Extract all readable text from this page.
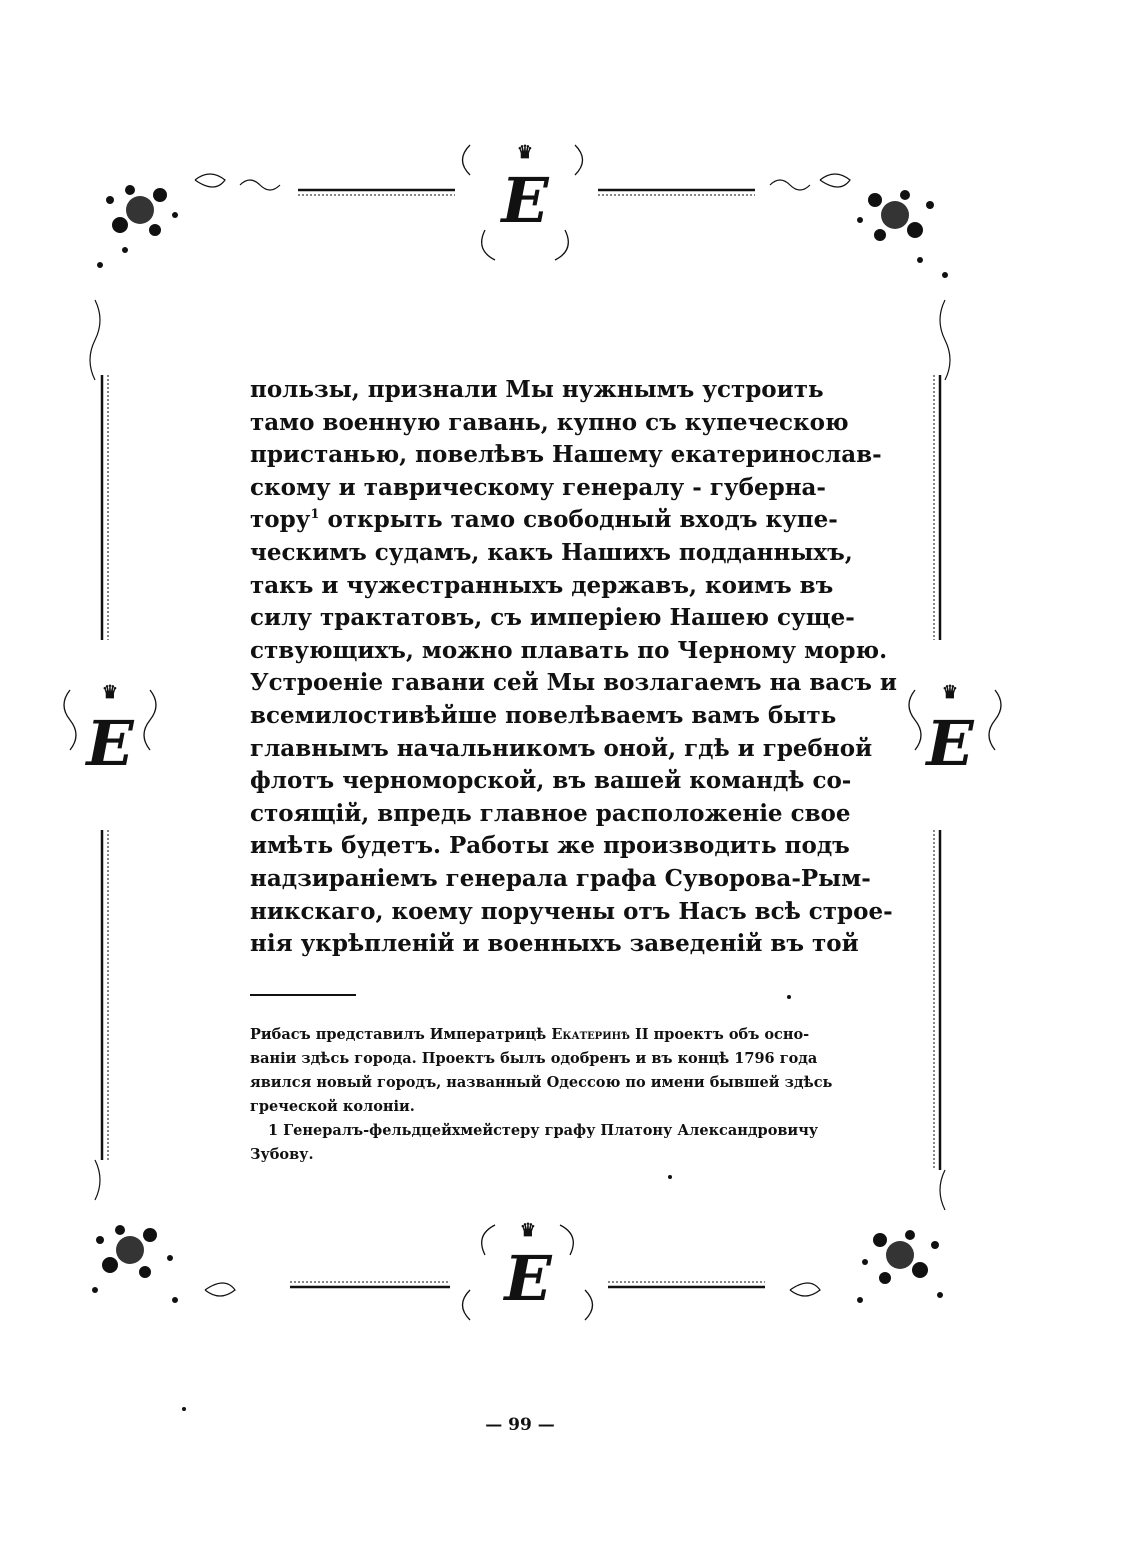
♛
Е
♛
Е
♛
Е
♛
Е
пользы, признали Мы нужнымъ устроить
тамо военную гавань, купно съ купеческою
пристанью, повелѣвъ Нашему екатеринослав-
скому и таврическому генералу - губерна-
тору$^1$ открыть тамо свободный входъ купе-
ческимъ судамъ, какъ Нашихъ подданныхъ,
такъ и чужестранныхъ державъ, коимъ въ
силу трактатовъ, съ имперіею Нашею суще-
ствующихъ, можно плавать по Черному морю.
Устроеніе гавани сей Мы возлагаемъ на васъ и
всемилостивѣйше повелѣваемъ вамъ быть
главнымъ начальникомъ оной, гдѣ и гребной
флотъ черноморской, въ вашей командѣ со-
стоящій, впредь главное расположеніе свое
имѣть будетъ. Работы же производить подъ
надзираніемъ генерала графа Суворова-Рым-
никскаго, коему поручены отъ Насъ всѣ строе-
нія укрѣпленій и военныхъ заведеній въ той
Рибасъ представилъ Императрицѣ Екатеринѣ II проектъ объ осно-
ваніи здѣсь города. Проектъ былъ одобренъ и въ концѣ 1796 года
явился новый городъ, названный Одессою по имени бывшей здѣсь
греческой колоніи.
1 Генералъ-фельдцейхмейстеру графу Платону Александровичу
Зубову.
— 99 —
